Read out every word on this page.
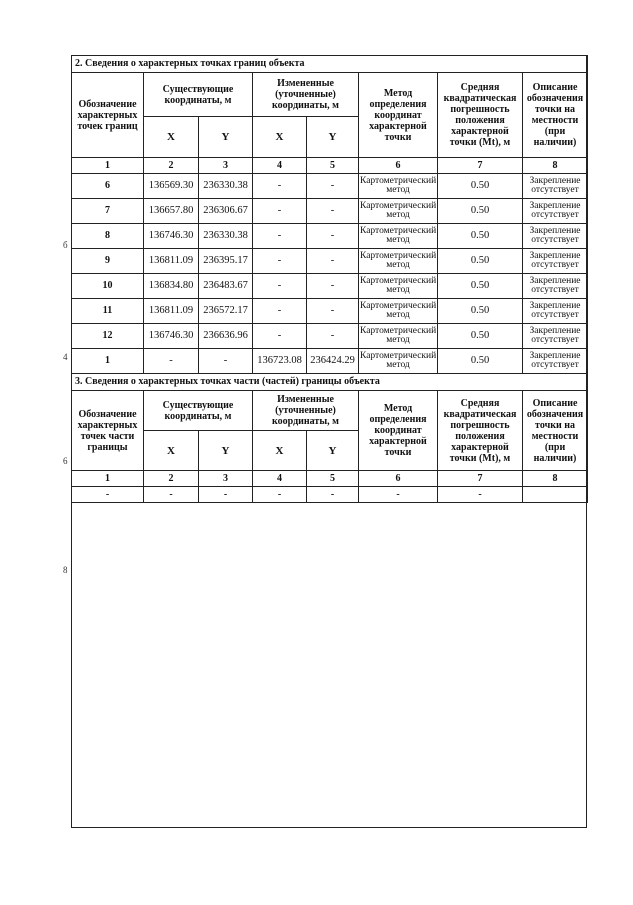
б
4
6
8
2. Сведения о характерных точках границ объекта							
Обозначение характерных точек границ	Существующие координаты, м		Измененные (уточненные) координаты, м		Метод определения координат характерной точки	Средняя квадратическая погрешность положения характерной точки (Mt), м	Описание обозначения точки на местности (при наличии)
	X	Y	X	Y			
1	2	3	4	5	6	7	8
6	136569.30	236330.38	-	-	Картометрический метод	0.50	Закрепление отсутствует
7	136657.80	236306.67	-	-	Картометрический метод	0.50	Закрепление отсутствует
8	136746.30	236330.38	-	-	Картометрический метод	0.50	Закрепление отсутствует
9	136811.09	236395.17	-	-	Картометрический метод	0.50	Закрепление отсутствует
10	136834.80	236483.67	-	-	Картометрический метод	0.50	Закрепление отсутствует
11	136811.09	236572.17	-	-	Картометрический метод	0.50	Закрепление отсутствует
12	136746.30	236636.96	-	-	Картометрический метод	0.50	Закрепление отсутствует
1	-	-	136723.08	236424.29	Картометрический метод	0.50	Закрепление отсутствует
3. Сведения о характерных точках части (частей) границы объекта							
Обозначение характерных точек части границы	Существующие координаты, м		Измененные (уточненные) координаты, м		Метод определения координат характерной точки	Средняя квадратическая погрешность положения характерной точки (Mt), м	Описание обозначения точки на местности (при наличии)
	X	Y	X	Y			
1	2	3	4	5	6	7	8
-	-	-	-	-	-	-	
